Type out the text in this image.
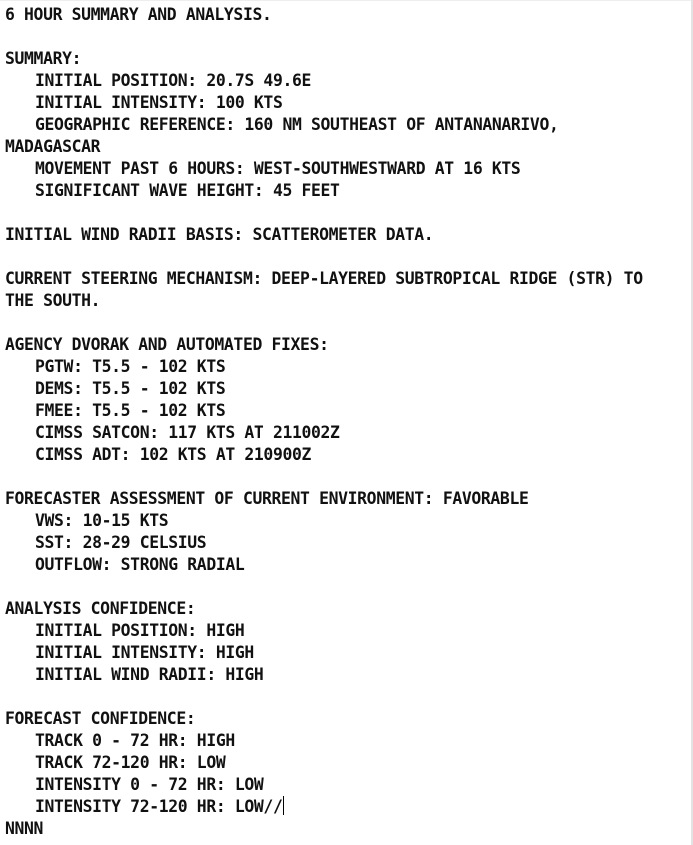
6 HOUR SUMMARY AND ANALYSIS.
SUMMARY:
INITIAL POSITION: 20.7S 49.6E
INITIAL INTENSITY: 100 KTS
GEOGRAPHIC REFERENCE: 160 NM SOUTHEAST OF ANTANANARIVO,
MADAGASCAR
MOVEMENT PAST 6 HOURS: WEST-SOUTHWESTWARD AT 16 KTS
SIGNIFICANT WAVE HEIGHT: 45 FEET
INITIAL WIND RADII BASIS: SCATTEROMETER DATA.
CURRENT STEERING MECHANISM: DEEP-LAYERED SUBTROPICAL RIDGE (STR) TO
THE SOUTH.
AGENCY DVORAK AND AUTOMATED FIXES:
PGTW: T5.5 - 102 KTS
DEMS: T5.5 - 102 KTS
FMEE: T5.5 - 102 KTS
CIMSS SATCON: 117 KTS AT 211002Z
CIMSS ADT: 102 KTS AT 210900Z
FORECASTER ASSESSMENT OF CURRENT ENVIRONMENT: FAVORABLE
VWS: 10-15 KTS
SST: 28-29 CELSIUS
OUTFLOW: STRONG RADIAL
ANALYSIS CONFIDENCE:
INITIAL POSITION: HIGH
INITIAL INTENSITY: HIGH
INITIAL WIND RADII: HIGH
FORECAST CONFIDENCE:
TRACK 0 - 72 HR: HIGH
TRACK 72-120 HR: LOW
INTENSITY 0 - 72 HR: LOW
INTENSITY 72-120 HR: LOW//
NNNN
